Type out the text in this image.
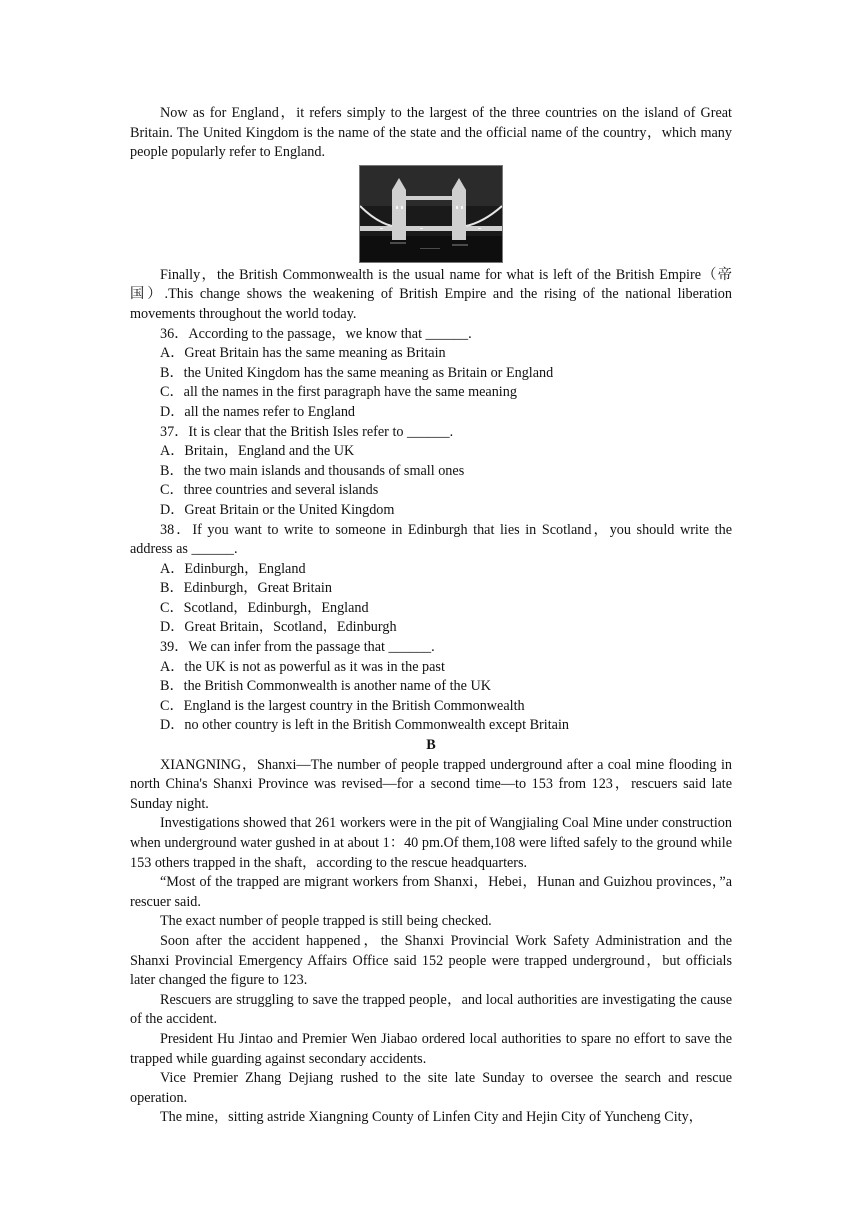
Now as for England，it refers simply to the largest of the three countries on the island of Great Britain. The United Kingdom is the name of the state and the official name of the country，which many people popularly refer to England.

Finally，the British Commonwealth is the usual name for what is left of the British Empire（帝国）.This change shows the weakening of British Empire and the rising of the national liberation movements throughout the world today.

36．According to the passage，we know that ______.

A．Great Britain has the same meaning as Britain

B．the United Kingdom has the same meaning as Britain or England

C．all the names in the first paragraph have the same meaning

D．all the names refer to England

37．It is clear that the British Isles refer to ______.

A．Britain，England and the UK

B．the two main islands and thousands of small ones

C．three countries and several islands

D．Great Britain or the United Kingdom

38．If you want to write to someone in Edinburgh that lies in Scotland，you should write the address as ______.

A．Edinburgh，England

B．Edinburgh，Great Britain

C．Scotland，Edinburgh，England

D．Great Britain，Scotland，Edinburgh

39．We can infer from the passage that ______.

A．the UK is not as powerful as it was in the past

B．the British Commonwealth is another name of the UK

C．England is the largest country in the British Commonwealth

D．no other country is left in the British Commonwealth except Britain

B

XIANGNING，Shanxi—The number of people trapped underground after a coal mine flooding in north China's Shanxi Province was revised—for a second time—to 153 from 123，rescuers said late Sunday night.

Investigations showed that 261 workers were in the pit of Wangjialing Coal Mine under construction when underground water gushed in at about 1：40 pm.Of them,108 were lifted safely to the ground while 153 others trapped in the shaft，according to the rescue headquarters.

“Most of the trapped are migrant workers from Shanxi，Hebei，Hunan and Guizhou provinces，”a rescuer said.

The exact number of people trapped is still being checked.

Soon after the accident happened，the Shanxi Provincial Work Safety Administration and the Shanxi Provincial Emergency Affairs Office said 152 people were trapped underground，but officials later changed the figure to 123.

Rescuers are struggling to save the trapped people，and local authorities are investigating the cause of the accident.

President Hu Jintao and Premier Wen Jiabao ordered local authorities to spare no effort to save the trapped while guarding against secondary accidents.

Vice Premier Zhang Dejiang rushed to the site late Sunday to oversee the search and rescue operation.

The mine，sitting astride Xiangning County of Linfen City and Hejin City of Yuncheng City，
